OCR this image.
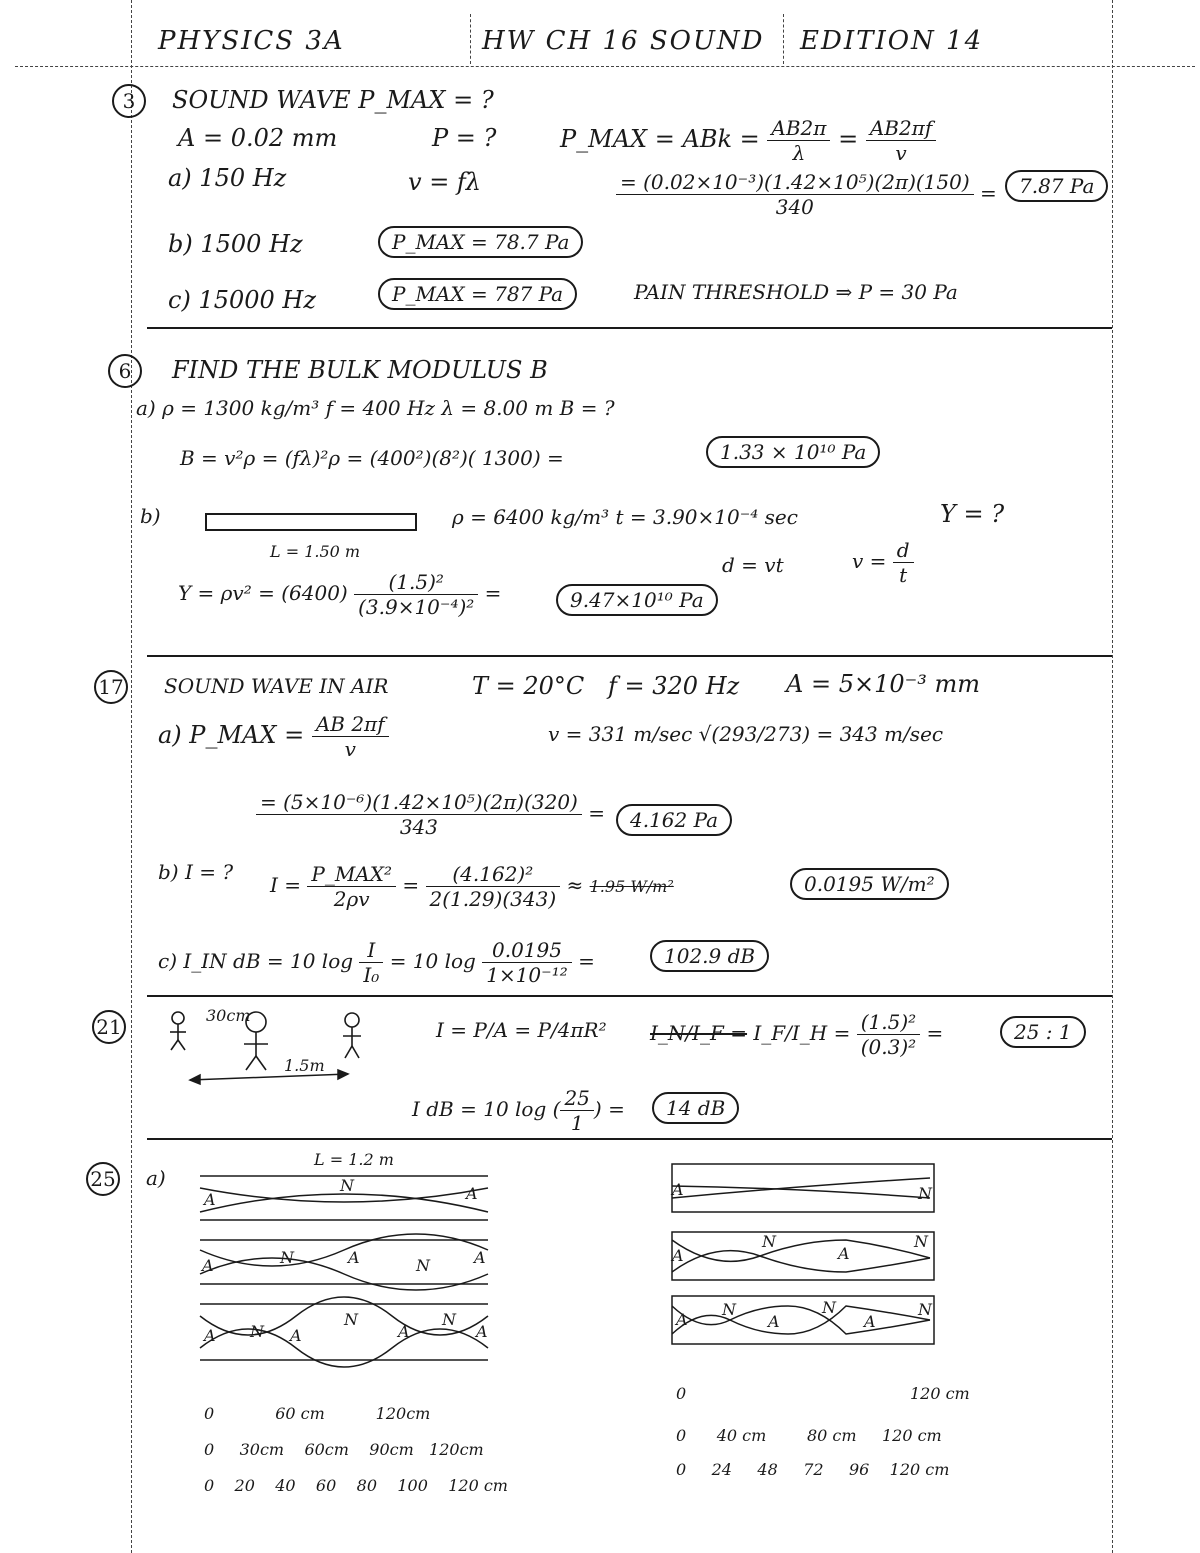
PHYSICS 3A	HW CH 16 SOUND EDITION 14
3	SOUND WAVE P_MAX = ?
A = 0.02 mm	P = ?	P_MAX = ABk = $\frac{AB2\pi}{\lambda} = \frac{AB2\pi f}{v}$
a) 150 Hz	v = fλ	$\frac{\text{= (0.02×10⁻³)(1.42×10⁵)(2π)(150)}}{340}$ =	7.87 Pa
b) 1500 Hz	P_MAX = 78.7 Pa
c) 15000 Hz	P_MAX = 787 Pa	PAIN THRESHOLD ⇒ P = 30 Pa
6	FIND THE BULK MODULUS B
a) ρ = 1300 kg/m³ f = 400 Hz λ = 8.00 m B = ?
B = v²ρ = (fλ)²ρ = (400²)(8²)( 1300) =	1.33 × 10¹⁰ Pa
b)
L = 1.50 m
ρ = 6400 kg/m³ t = 3.90×10⁻⁴ sec	Y = ?
d = vt	$v = \frac{d}{t}$
$Y = \rho v^2 = (6400) \frac{\text{(1.5)²}}{\text{(3.9×10⁻⁴)²}}$ =	9.47×10¹⁰ Pa
17 SOUND WAVE IN AIR	T = 20°C f = 320 Hz A = 5×10⁻³ mm
a) P_MAX = $\frac{AB 2\pi f}{v}$	v = 331 m/sec √(293/273) = 343 m/sec
$\frac{\text{= (5×10⁻⁶)(1.42×10⁵)(2π)(320)}}{343}$ =	4.162 Pa
b) I = ?
$I = \frac{\text{P\_MAX²}}{2\rho v} = \frac{\text{(4.162)²}}{2(1.29)(343)} \approx 1.95$ W/m²	0.0195 W/m²
c) I_IN dB = 10 $\log \frac{I}{\text{I₀}} = 10$ $\log \frac{0.0195}{\text{1×10⁻¹²}}$ =	102.9 dB
21	30cm
1.5m
I = P/A = P/4πR² I_N/I_F = I_F/I_H = $\frac{\text{(1.5)²}}{\text{(0.3)²}}$ =	25 : 1
I dB = 10 log ( $\frac{25}{1}$ ) =	14 dB
25 a)
L = 1.2 m
A
N	A
A	N	A	N	A
A N A
N
A
N
A
A	N
A
N
A
N
A
N
A
N
A
N
0            60 cm          120cm
0     30cm    60cm    90cm   120cm
0    20    40    60    80    100    120 cm
0                                            120 cm
0      40 cm        80 cm     120 cm
0     24     48     72     96    120 cm
